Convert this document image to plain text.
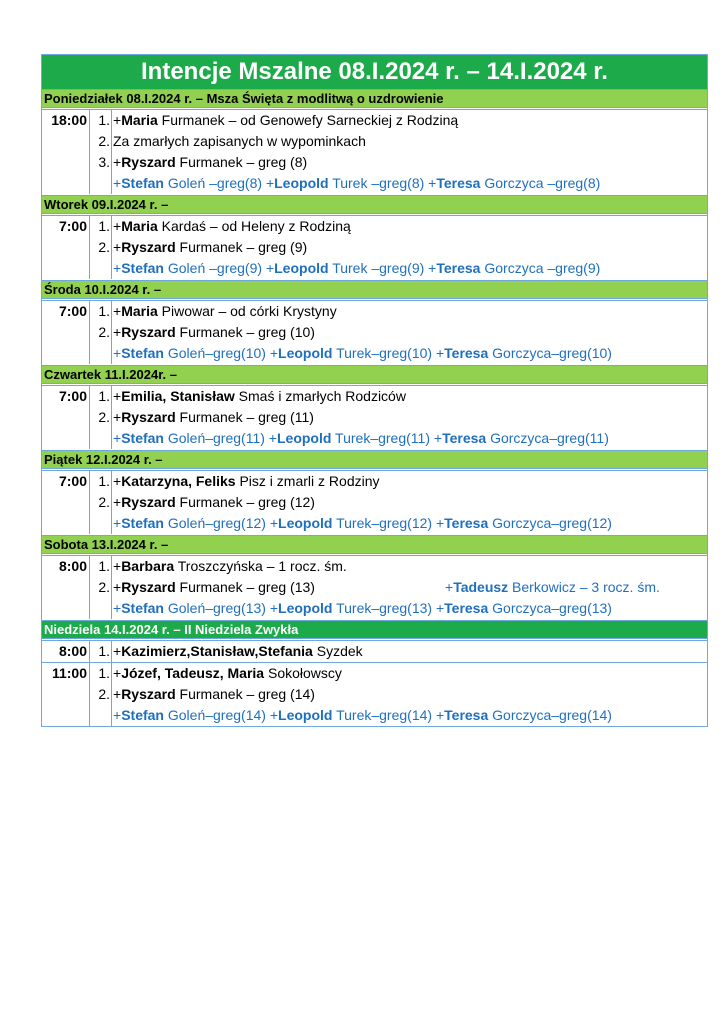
Intencje Mszalne 08.I.2024 r. – 14.I.2024 r.
Poniedziałek 08.I.2024 r. – Msza Święta z modlitwą o uzdrowienie
18:00 1. +Maria Furmanek – od Genowefy Sarneckiej z Rodziną
2. Za zmarłych zapisanych w wypominkach
3. +Ryszard Furmanek – greg (8)
+Stefan Goleń –greg(8) +Leopold Turek –greg(8) +Teresa Gorczyca –greg(8)
Wtorek 09.I.2024 r. –
7:00 1. +Maria Kardaś – od Heleny z Rodziną
2. +Ryszard Furmanek – greg (9)
+Stefan Goleń –greg(9) +Leopold Turek –greg(9) +Teresa Gorczyca –greg(9)
Środa 10.I.2024 r. –
7:00 1. +Maria Piwowar – od córki Krystyny
2. +Ryszard Furmanek – greg (10)
+Stefan Goleń–greg(10) +Leopold Turek–greg(10) +Teresa Gorczyca–greg(10)
Czwartek 11.I.2024r. –
7:00 1. +Emilia, Stanisław Smaś i zmarłych Rodziców
2. +Ryszard Furmanek – greg (11)
+Stefan Goleń–greg(11) +Leopold Turek–greg(11) +Teresa Gorczyca–greg(11)
Piątek 12.I.2024 r. –
7:00 1. +Katarzyna, Feliks Pisz i zmarli z Rodziny
2. +Ryszard Furmanek – greg (12)
+Stefan Goleń–greg(12) +Leopold Turek–greg(12) +Teresa Gorczyca–greg(12)
Sobota 13.I.2024 r. –
8:00 1. +Barbara Troszczyńska – 1 rocz. śm.
2. +Ryszard Furmanek – greg (13)	+Tadeusz Berkowicz – 3 rocz. śm.
+Stefan Goleń–greg(13) +Leopold Turek–greg(13) +Teresa Gorczyca–greg(13)
Niedziela 14.I.2024 r. – II Niedziela Zwykła
8:00 1. +Kazimierz,Stanisław,Stefania Syzdek
11:00 1. +Józef, Tadeusz, Maria Sokołowscy
2. +Ryszard Furmanek – greg (14)
+Stefan Goleń–greg(14) +Leopold Turek–greg(14) +Teresa Gorczyca–greg(14)
